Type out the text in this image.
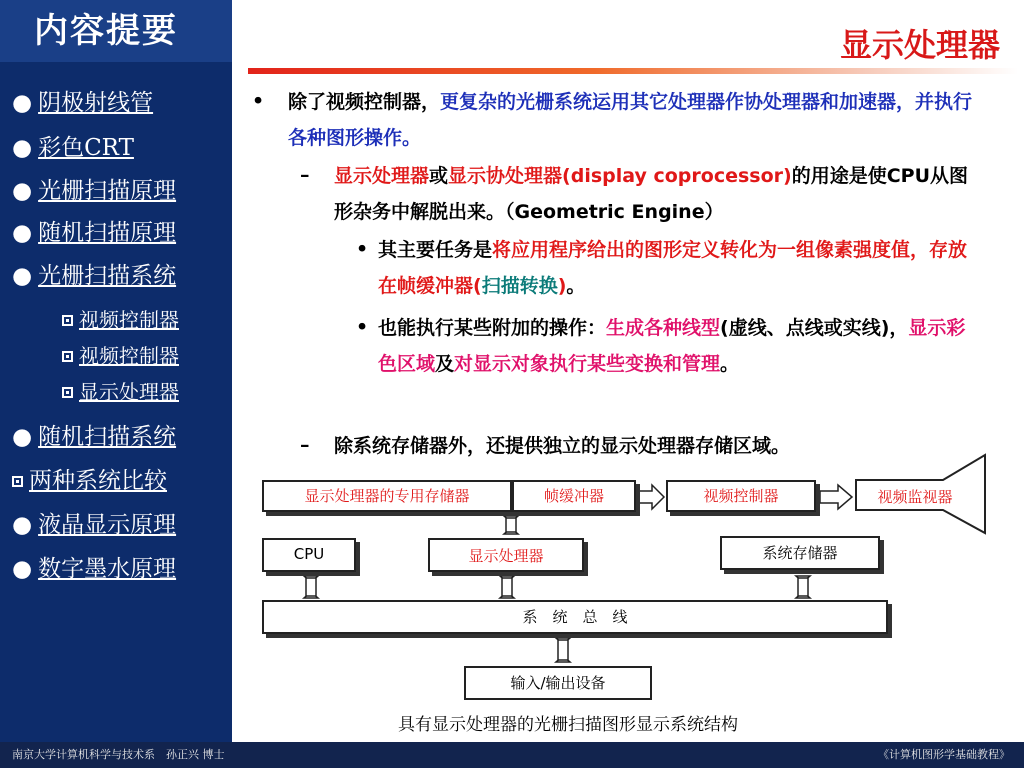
内容提要
● 阴极射线管
● 彩色CRT
● 光栅扫描原理
● 随机扫描原理
● 光栅扫描系统
视频控制器
视频控制器
显示处理器
● 随机扫描系统
两种系统比较
● 液晶显示原理
● 数字墨水原理
显示处理器
• 除了视频控制器，更复杂的光栅系统运用其它处理器作协处理器和加速器，并执行各种图形操作。
– 显示处理器或显示协处理器(display coprocessor)的用途是使CPU从图形杂务中解脱出来。（Geometric Engine）
• 其主要任务是将应用程序给出的图形定义转化为一组像素强度值，存放在帧缓冲器(扫描转换)。
• 也能执行某些附加的操作：生成各种线型(虚线、点线或实线)，显示彩色区域及对显示对象执行某些变换和管理。
– 除系统存储器外，还提供独立的显示处理器存储区域。
显示处理器的专用存储器	帧缓冲器	视频控制器	视频监视器
CPU	显示处理器	系统存储器
系　统　总　线
输入/输出设备
具有显示处理器的光栅扫描图形显示系统结构
南京大学计算机科学与技术系　孙正兴 博士	《计算机图形学基础教程》
